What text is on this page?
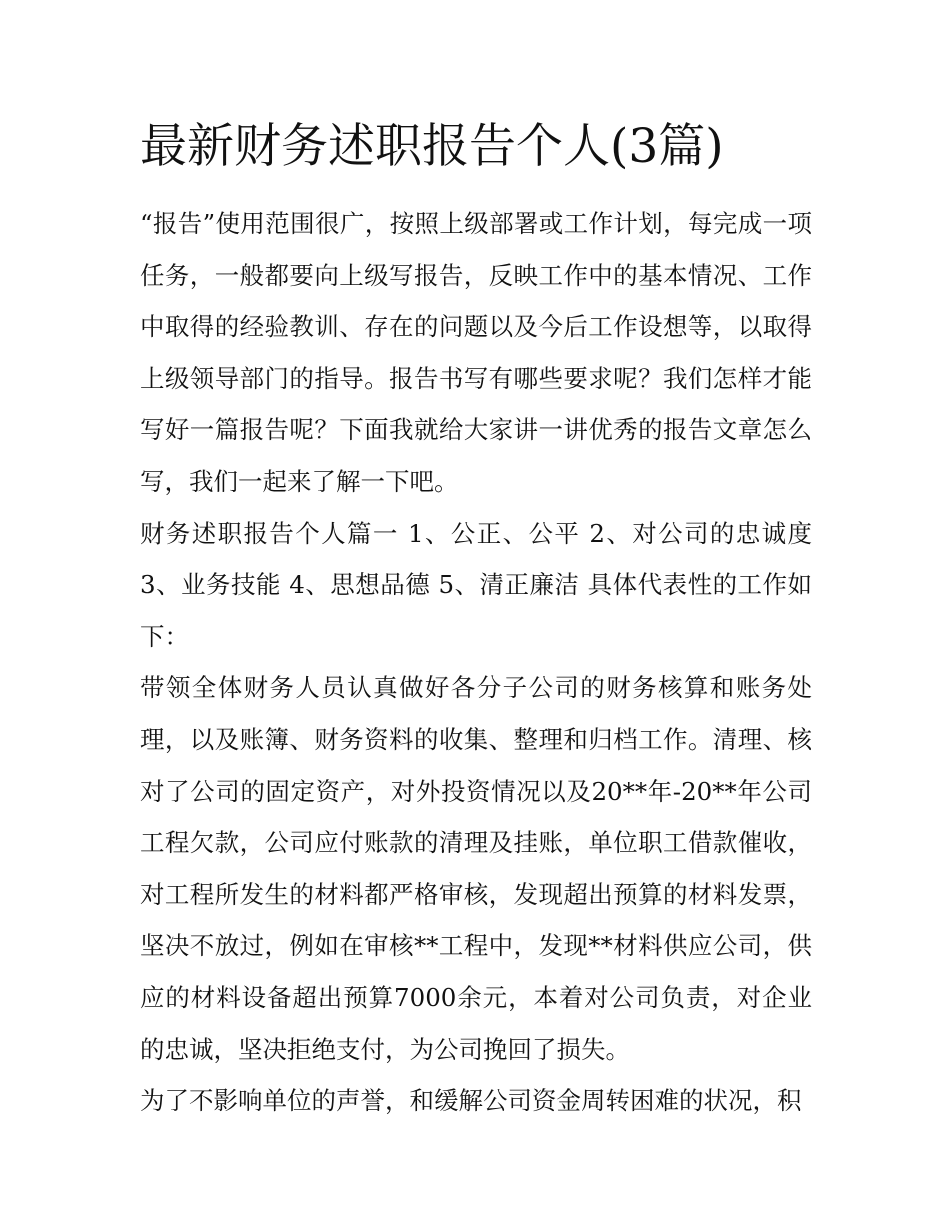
最新财务述职报告个人(3篇)

“报告”使用范围很广，按照上级部署或工作计划，每完成一项任务，一般都要向上级写报告，反映工作中的基本情况、工作中取得的经验教训、存在的问题以及今后工作设想等，以取得上级领导部门的指导。报告书写有哪些要求呢？我们怎样才能写好一篇报告呢？下面我就给大家讲一讲优秀的报告文章怎么写，我们一起来了解一下吧。

财务述职报告个人篇一 1、公正、公平 2、对公司的忠诚度 3、业务技能 4、思想品德 5、清正廉洁 具体代表性的工作如下：

带领全体财务人员认真做好各分子公司的财务核算和账务处理，以及账簿、财务资料的收集、整理和归档工作。清理、核对了公司的固定资产，对外投资情况以及20**年-20**年公司工程欠款，公司应付账款的清理及挂账，单位职工借款催收，对工程所发生的材料都严格审核，发现超出预算的材料发票，坚决不放过，例如在审核**工程中，发现**材料供应公司，供应的材料设备超出预算7000余元，本着对公司负责，对企业的忠诚，坚决拒绝支付，为公司挽回了损失。

为了不影响单位的声誉，和缓解公司资金周转困难的状况，积
